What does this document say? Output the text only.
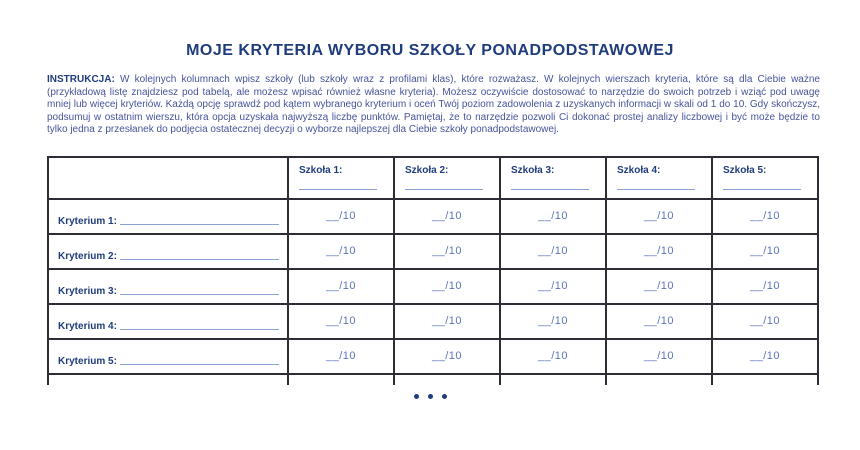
MOJE KRYTERIA WYBORU SZKOŁY PONADPODSTAWOWEJ

INSTRUKCJA: W kolejnych kolumnach wpisz szkoły (lub szkoły wraz z profilami klas), które rozważasz. W kolejnych wierszach kryteria, które są dla Ciebie ważne (przykładową listę znajdziesz pod tabelą, ale możesz wpisać również własne kryteria). Możesz oczywiście dostosować to narzędzie do swoich potrzeb i wziąć pod uwagę mniej lub więcej kryteriów. Każdą opcję sprawdź pod kątem wybranego kryterium i oceń Twój poziom zadowolenia z uzyskanych informacji w skali od 1 do 10. Gdy skończysz, podsumuj w ostatnim wierszu, która opcja uzyskała najwyższą liczbę punktów. Pamiętaj, że to narzędzie pozwoli Ci dokonać prostej analizy liczbowej i być może będzie to tylko jedna z przesłanek do podjęcia ostatecznej decyzji o wyborze najlepszej dla Ciebie szkoły ponadpodstawowej.

	Szkoła 1:	Szkoła 2:	Szkoła 3:	Szkoła 4:	Szkoła 5:

Kryterium 1:	__/10	__/10	__/10	__/10	__/10

Kryterium 2:	__/10	__/10	__/10	__/10	__/10

Kryterium 3:	__/10	__/10	__/10	__/10	__/10

Kryterium 4:	__/10	__/10	__/10	__/10	__/10

Kryterium 5:	__/10	__/10	__/10	__/10	__/10
